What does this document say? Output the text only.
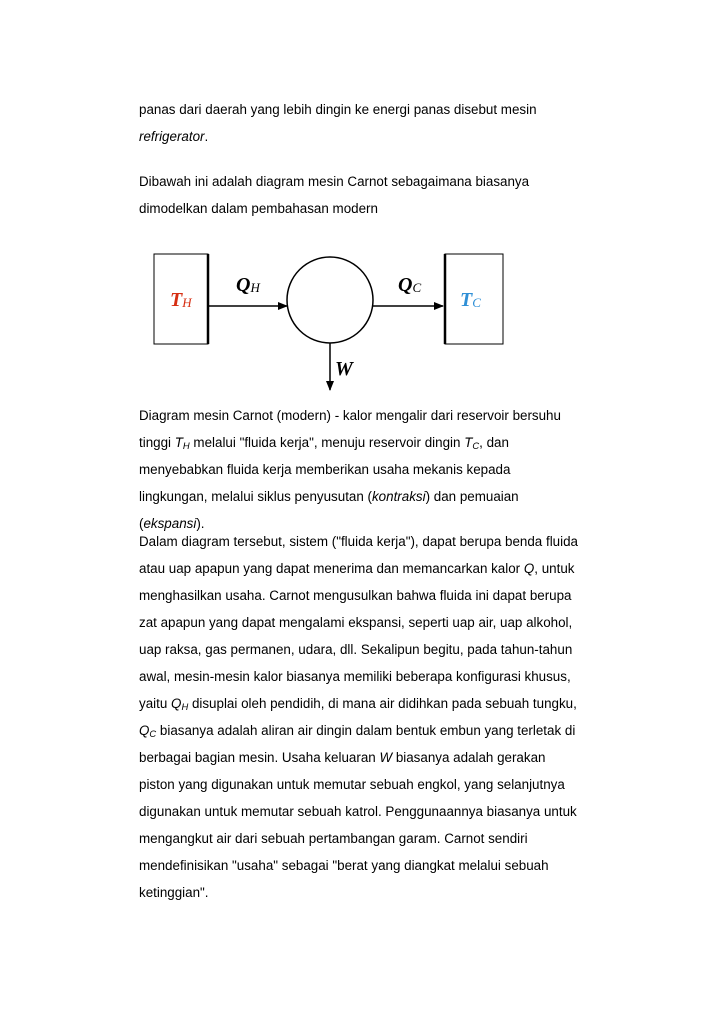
panas dari daerah yang lebih dingin ke energi panas disebut mesin
refrigerator.

Dibawah ini adalah diagram mesin Carnot sebagaimana biasanya
dimodelkan dalam pembahasan modern

TH
QH	QC
TC
W

Diagram mesin Carnot (modern) - kalor mengalir dari reservoir bersuhu
tinggi $T_H$ melalui "fluida kerja", menuju reservoir dingin $T_C$, dan
menyebabkan fluida kerja memberikan usaha mekanis kepada
lingkungan, melalui siklus penyusutan (kontraksi) dan pemuaian
(ekspansi).

Dalam diagram tersebut, sistem ("fluida kerja"), dapat berupa benda fluida
atau uap apapun yang dapat menerima dan memancarkan kalor Q, untuk
menghasilkan usaha. Carnot mengusulkan bahwa fluida ini dapat berupa
zat apapun yang dapat mengalami ekspansi, seperti uap air, uap alkohol,
uap raksa, gas permanen, udara, dll. Sekalipun begitu, pada tahun-tahun
awal, mesin-mesin kalor biasanya memiliki beberapa konfigurasi khusus,
yaitu $Q_H$ disuplai oleh pendidih, di mana air didihkan pada sebuah tungku,
$Q_C$ biasanya adalah aliran air dingin dalam bentuk embun yang terletak di
berbagai bagian mesin. Usaha keluaran W biasanya adalah gerakan
piston yang digunakan untuk memutar sebuah engkol, yang selanjutnya
digunakan untuk memutar sebuah katrol. Penggunaannya biasanya untuk
mengangkut air dari sebuah pertambangan garam. Carnot sendiri
mendefinisikan "usaha" sebagai "berat yang diangkat melalui sebuah
ketinggian".
